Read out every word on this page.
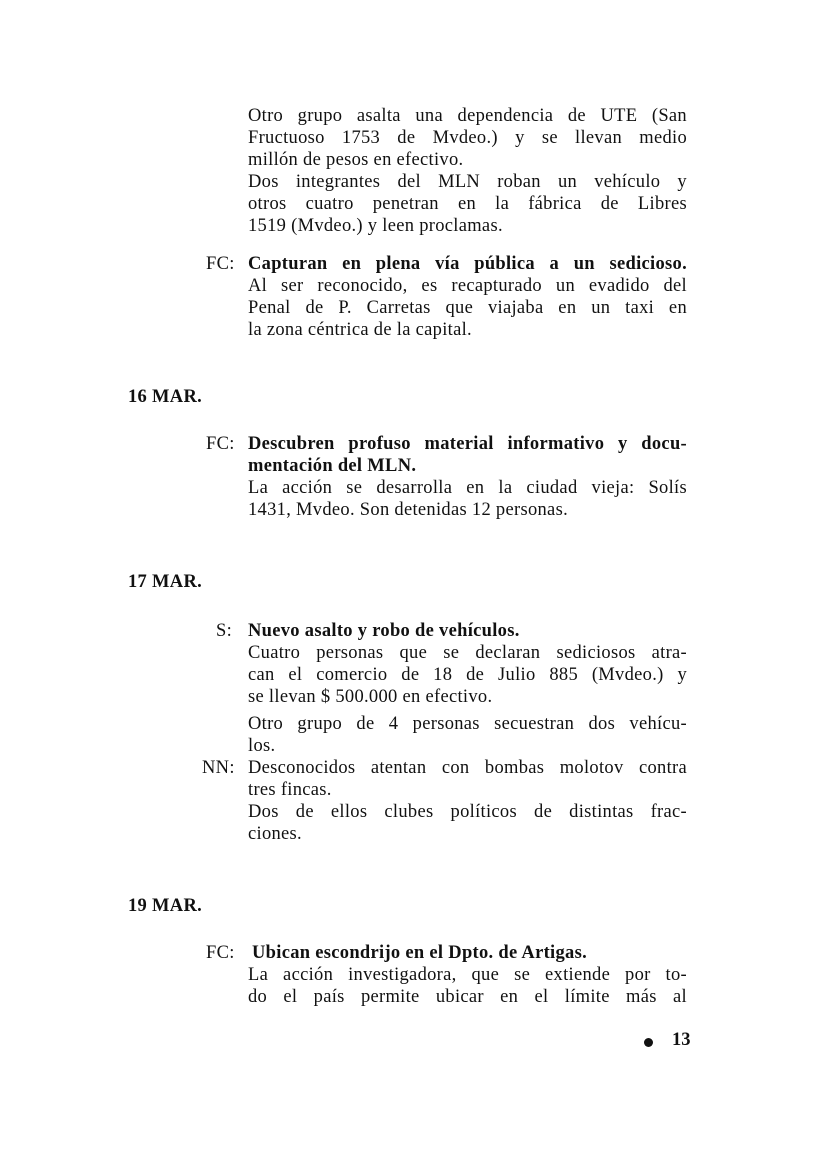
Otro grupo asalta una dependencia de UTE (San
Fructuoso 1753 de Mvdeo.) y se llevan medio
millón de pesos en efectivo.
Dos integrantes del MLN roban un vehículo y
otros cuatro penetran en la fábrica de Libres
1519 (Mvdeo.) y leen proclamas.
FC: Capturan en plena vía pública a un sedicioso.
Al ser reconocido, es recapturado un evadido del
Penal de P. Carretas que viajaba en un taxi en
la zona céntrica de la capital.
16 MAR.
FC: Descubren profuso material informativo y docu-
mentación del MLN.
La acción se desarrolla en la ciudad vieja: Solís
1431, Mvdeo. Son detenidas 12 personas.
17 MAR.
S: Nuevo asalto y robo de vehículos.
Cuatro personas que se declaran sediciosos atra-
can el comercio de 18 de Julio 885 (Mvdeo.) y
se llevan $ 500.000 en efectivo.
Otro grupo de 4 personas secuestran dos vehícu-
los.
NN: Desconocidos atentan con bombas molotov contra
tres fincas.
Dos de ellos clubes políticos de distintas frac-
ciones.
19 MAR.
FC: Ubican escondrijo en el Dpto. de Artigas.
La acción investigadora, que se extiende por to-
do el país permite ubicar en el límite más al
13
